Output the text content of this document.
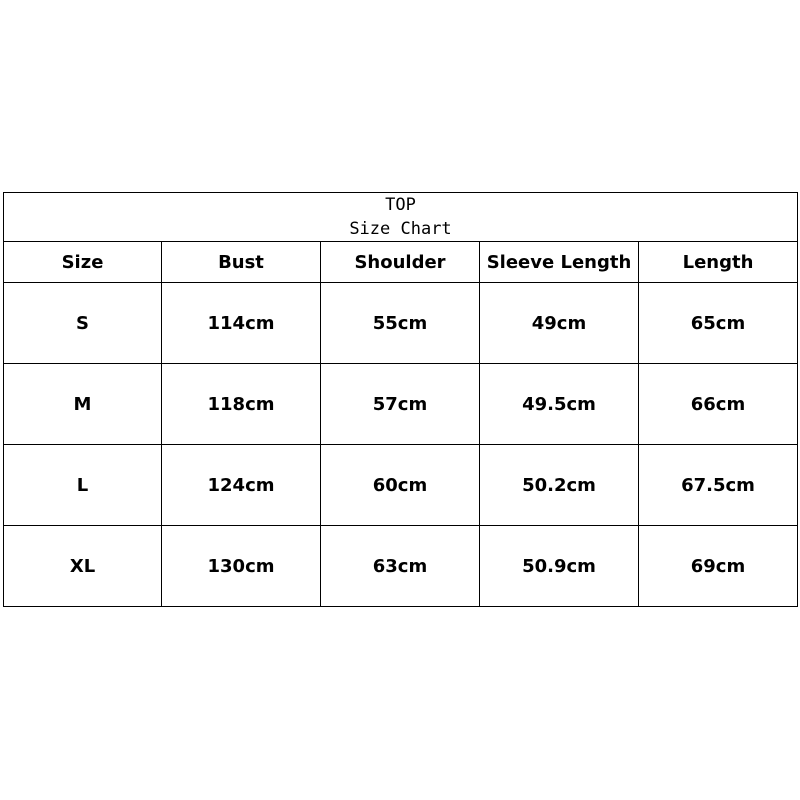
TOP
Size Chart				

Size	Bust	Shoulder	Sleeve Length	Length
S	114cm	55cm	49cm	65cm
M	118cm	57cm	49.5cm	66cm
L	124cm	60cm	50.2cm	67.5cm
XL	130cm	63cm	50.9cm	69cm
